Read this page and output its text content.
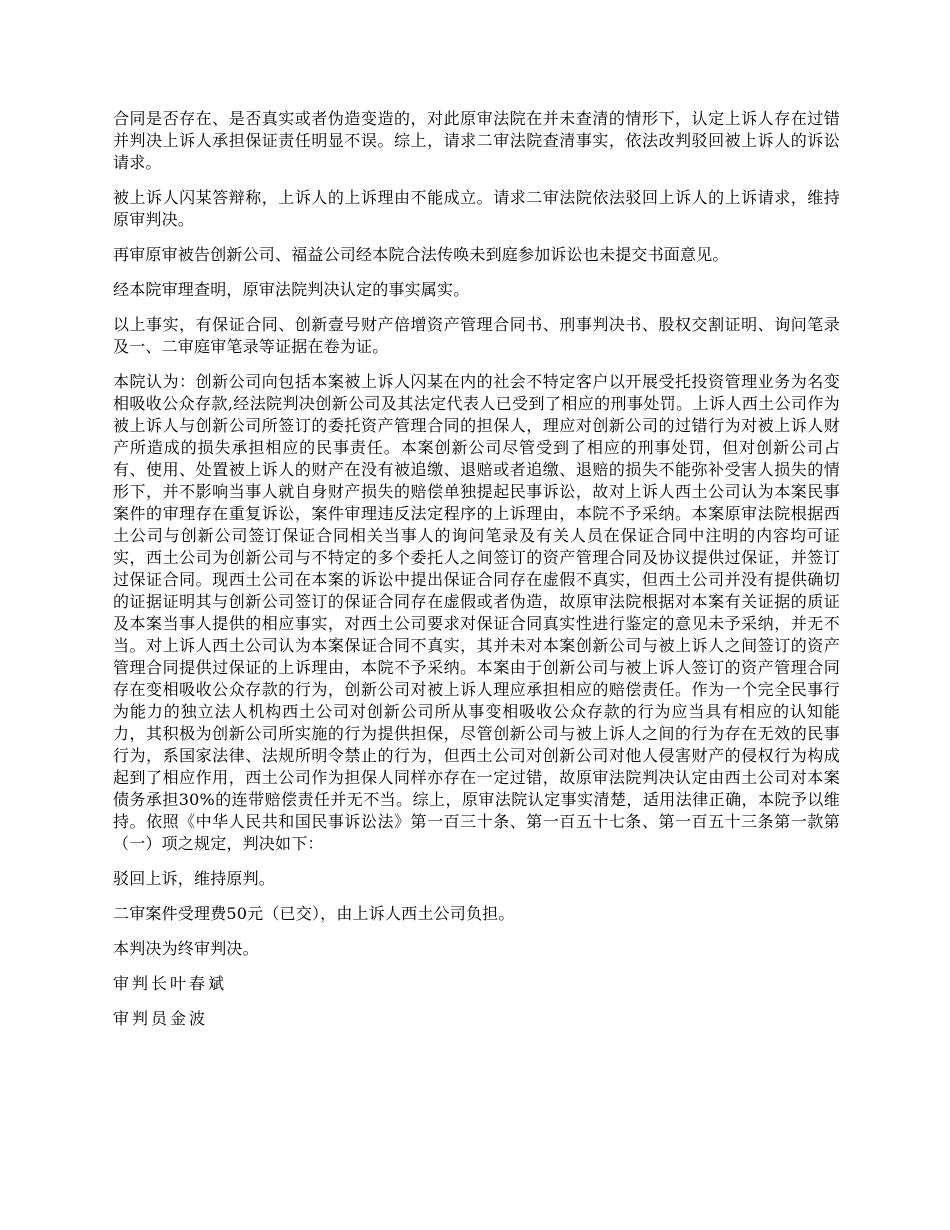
合同是否存在、是否真实或者伪造变造的，对此原审法院在并未查清的情形下，认定上诉人存在过错并判决上诉人承担保证责任明显不误。综上，请求二审法院查清事实，依法改判驳回被上诉人的诉讼请求。

被上诉人闪某答辩称，上诉人的上诉理由不能成立。请求二审法院依法驳回上诉人的上诉请求，维持原审判决。

再审原审被告创新公司、福益公司经本院合法传唤未到庭参加诉讼也未提交书面意见。

经本院审理查明，原审法院判决认定的事实属实。

以上事实，有保证合同、创新壹号财产倍增资产管理合同书、刑事判决书、股权交割证明、询问笔录及一、二审庭审笔录等证据在卷为证。

本院认为：创新公司向包括本案被上诉人闪某在内的社会不特定客户以开展受托投资管理业务为名变相吸收公众存款,经法院判决创新公司及其法定代表人已受到了相应的刑事处罚。上诉人西土公司作为被上诉人与创新公司所签订的委托资产管理合同的担保人，理应对创新公司的过错行为对被上诉人财产所造成的损失承担相应的民事责任。本案创新公司尽管受到了相应的刑事处罚，但对创新公司占有、使用、处置被上诉人的财产在没有被追缴、退赔或者追缴、退赔的损失不能弥补受害人损失的情形下，并不影响当事人就自身财产损失的赔偿单独提起民事诉讼，故对上诉人西土公司认为本案民事案件的审理存在重复诉讼，案件审理违反法定程序的上诉理由，本院不予采纳。本案原审法院根据西土公司与创新公司签订保证合同相关当事人的询问笔录及有关人员在保证合同中注明的内容均可证实，西土公司为创新公司与不特定的多个委托人之间签订的资产管理合同及协议提供过保证，并签订过保证合同。现西土公司在本案的诉讼中提出保证合同存在虚假不真实，但西土公司并没有提供确切的证据证明其与创新公司签订的保证合同存在虚假或者伪造，故原审法院根据对本案有关证据的质证及本案当事人提供的相应事实，对西土公司要求对保证合同真实性进行鉴定的意见未予采纳，并无不当。对上诉人西土公司认为本案保证合同不真实，其并未对本案创新公司与被上诉人之间签订的资产管理合同提供过保证的上诉理由，本院不予采纳。本案由于创新公司与被上诉人签订的资产管理合同存在变相吸收公众存款的行为，创新公司对被上诉人理应承担相应的赔偿责任。作为一个完全民事行为能力的独立法人机构西土公司对创新公司所从事变相吸收公众存款的行为应当具有相应的认知能力，其积极为创新公司所实施的行为提供担保，尽管创新公司与被上诉人之间的行为存在无效的民事行为，系国家法律、法规所明令禁止的行为，但西土公司对创新公司对他人侵害财产的侵权行为构成起到了相应作用，西土公司作为担保人同样亦存在一定过错，故原审法院判决认定由西土公司对本案债务承担30%的连带赔偿责任并无不当。综上，原审法院认定事实清楚，适用法律正确，本院予以维持。依照《中华人民共和国民事诉讼法》第一百三十条、第一百五十七条、第一百五十三条第一款第（一）项之规定，判决如下：

驳回上诉，维持原判。

二审案件受理费50元（已交），由上诉人西土公司负担。

本判决为终审判决。

审判长叶春斌

审判员金波
